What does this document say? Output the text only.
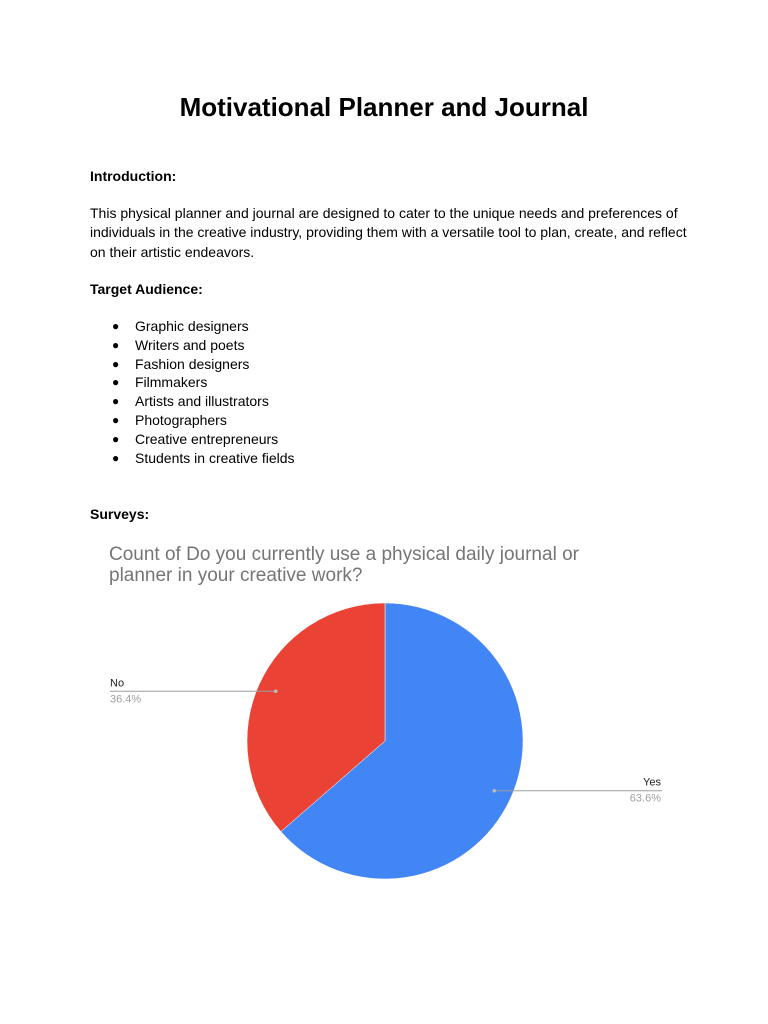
Motivational Planner and Journal

Introduction:

This physical planner and journal are designed to cater to the unique needs and preferences of individuals in the creative industry, providing them with a versatile tool to plan, create, and reflect on their artistic endeavors.

Target Audience:

● Graphic designers
● Writers and poets
● Fashion designers
● Filmmakers
● Artists and illustrators
● Photographers
● Creative entrepreneurs
● Students in creative fields

Surveys:

Count of Do you currently use a physical daily journal or planner in your creative work?

Yes
63.6%
No
36.4%
